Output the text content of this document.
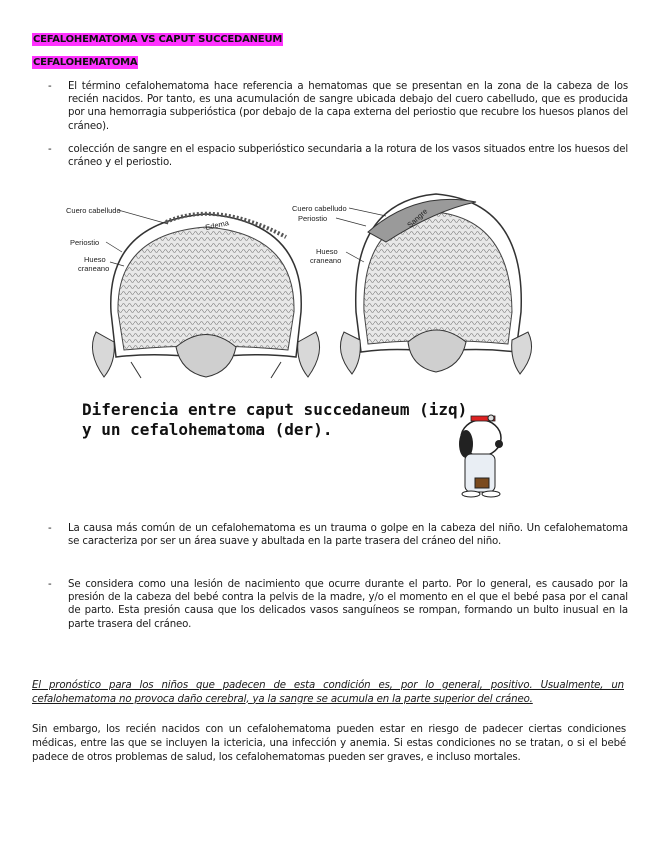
CEFALOHEMATOMA VS CAPUT SUCCEDANEUM
CEFALOHEMATOMA
- El término cefalohematoma hace referencia a hematomas que se presentan en la zona de la cabeza de los recién nacidos. Por tanto, es una acumulación de sangre ubicada debajo del cuero cabelludo, que es producida por una hemorragia subperióstica (por debajo de la capa externa del periostio que recubre los huesos planos del cráneo).
- colección de sangre en el espacio subperióstico secundaria a la rotura de los vasos situados entre los huesos del cráneo y el periostio.
Cuero cabelludo
Edema
Periostio
Hueso
craneano
Cuero cabelludo
Periostio	Sangre
Hueso
craneano
Diferencia entre caput succedaneum (izq)
y un cefalohematoma (der).
- La causa más común de un cefalohematoma es un trauma o golpe en la cabeza del niño. Un cefalohematoma se caracteriza por ser un área suave y abultada en la parte trasera del cráneo del niño.
- Se considera como una lesión de nacimiento que ocurre durante el parto. Por lo general, es causado por la presión de la cabeza del bebé contra la pelvis de la madre, y/o el momento en el que el bebé pasa por el canal de parto. Esta presión causa que los delicados vasos sanguíneos se rompan, formando un bulto inusual en la parte trasera del cráneo.
El pronóstico para los niños que padecen de esta condición es, por lo general, positivo. Usualmente, un cefalohematoma no provoca daño cerebral, ya la sangre se acumula en la parte superior del cráneo.
Sin embargo, los recién nacidos con un cefalohematoma pueden estar en riesgo de padecer ciertas condiciones médicas, entre las que se incluyen la ictericia, una infección y anemia. Si estas condiciones no se tratan, o si el bebé padece de otros problemas de salud, los cefalohematomas pueden ser graves, e incluso mortales.
